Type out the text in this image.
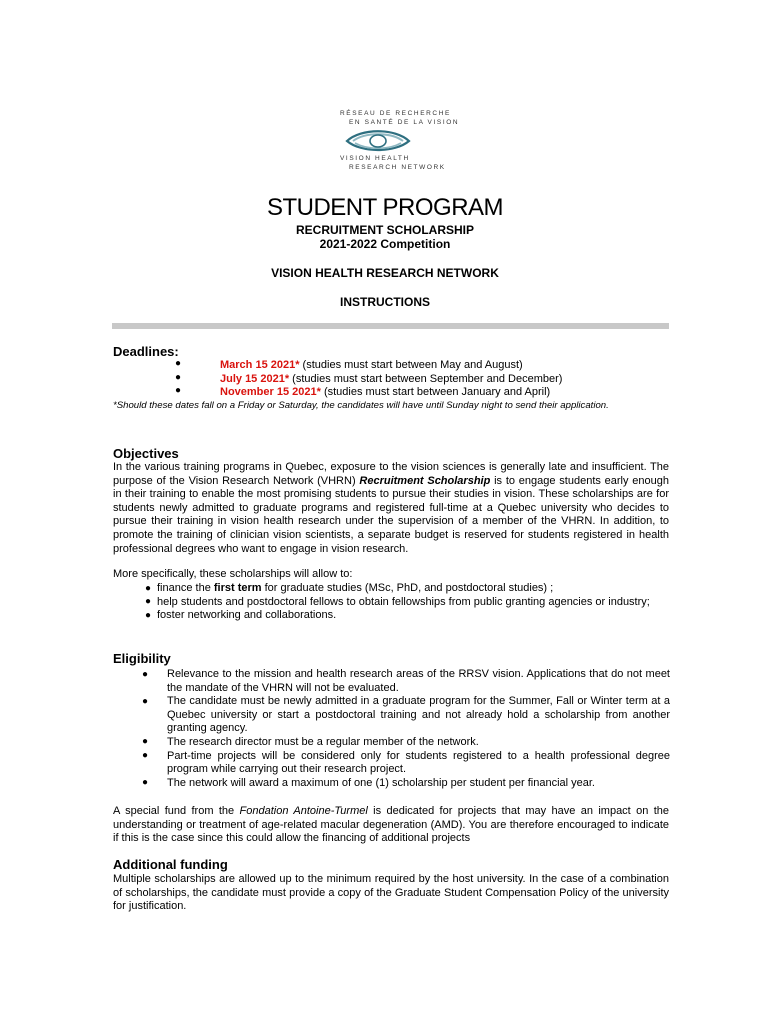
RÉSEAU DE RECHERCHE
EN SANTÉ DE LA VISION
VISION HEALTH
RESEARCH NETWORK
STUDENT PROGRAM
RECRUITMENT SCHOLARSHIP
2021-2022 Competition
VISION HEALTH RESEARCH NETWORK
INSTRUCTIONS
Deadlines:
●	March 15 2021* (studies must start between May and August)
●	July 15 2021* (studies must start between September and December)
●	November 15 2021* (studies must start between January and April)
*Should these dates fall on a Friday or Saturday, the candidates will have until Sunday night to send their application.
Objectives
In the various training programs in Quebec, exposure to the vision sciences is generally late and insufficient. The purpose of the Vision Research Network (VHRN) Recruitment Scholarship is to engage students early enough in their training to enable the most promising students to pursue their studies in vision. These scholarships are for students newly admitted to graduate programs and registered full-time at a Quebec university who decides to pursue their training in vision health research under the supervision of a member of the VHRN. In addition, to promote the training of clinician vision scientists, a separate budget is reserved for students registered in health professional degrees who want to engage in vision research.
More specifically, these scholarships will allow to:
● finance the first term for graduate studies (MSc, PhD, and postdoctoral studies) ;
● help students and postdoctoral fellows to obtain fellowships from public granting agencies or industry;
● foster networking and collaborations.
Eligibility
● Relevance to the mission and health research areas of the RRSV vision. Applications that do not meet the mandate of the VHRN will not be evaluated.
● The candidate must be newly admitted in a graduate program for the Summer, Fall or Winter term at a Quebec university or start a postdoctoral training and not already hold a scholarship from another granting agency.
● The research director must be a regular member of the network.
● Part-time projects will be considered only for students registered to a health professional degree program while carrying out their research project.
● The network will award a maximum of one (1) scholarship per student per financial year.
A special fund from the Fondation Antoine-Turmel is dedicated for projects that may have an impact on the understanding or treatment of age-related macular degeneration (AMD). You are therefore encouraged to indicate if this is the case since this could allow the financing of additional projects
Additional funding
Multiple scholarships are allowed up to the minimum required by the host university. In the case of a combination of scholarships, the candidate must provide a copy of the Graduate Student Compensation Policy of the university for justification.
